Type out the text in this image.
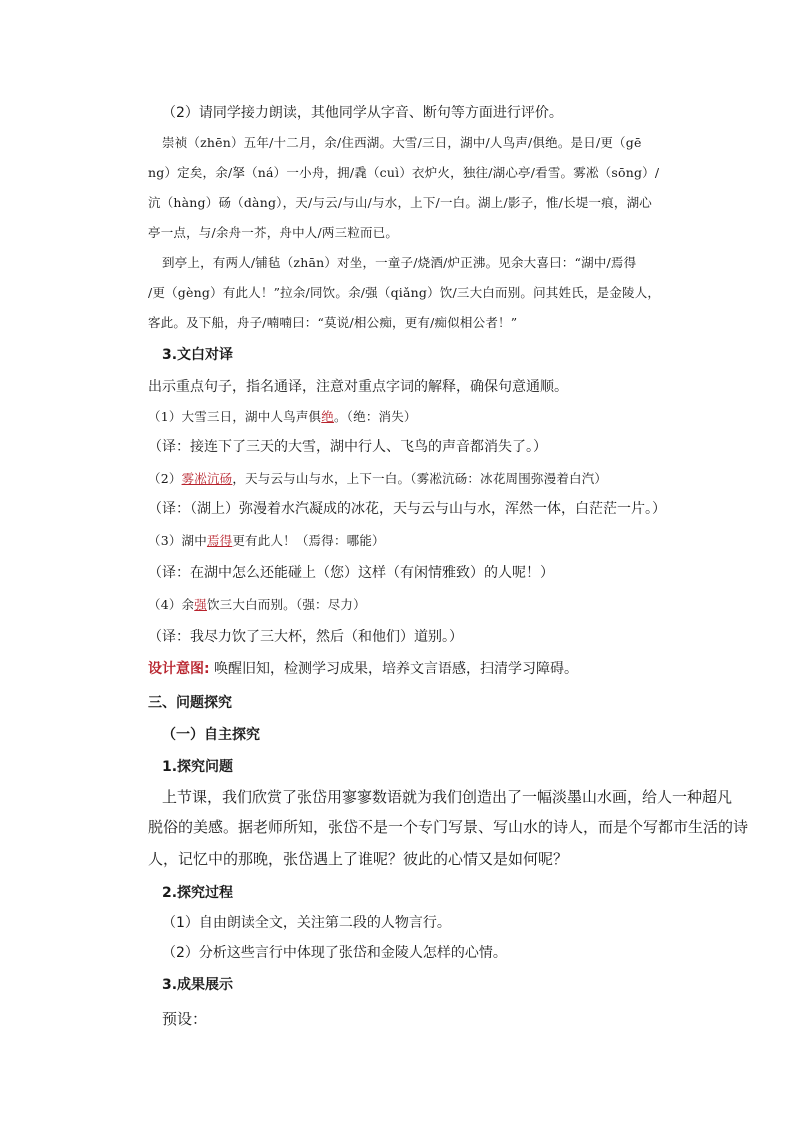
（2）请同学接力朗读，其他同学从字音、断句等方面进行评价。
崇祯（zhēn）五年/十二月，余/住西湖。大雪/三日，湖中/人鸟声/俱绝。是日/更（gē
ng）定矣，余/拏（ná）一小舟，拥/毳（cuì）衣炉火，独往/湖心亭/看雪。雾凇（sōng）/
沆（hàng）砀（dàng），天/与云/与山/与水，上下/一白。湖上/影子，惟/长堤一痕，湖心
亭一点，与/余舟一芥，舟中人/两三粒而已。
到亭上，有两人/铺毡（zhān）对坐，一童子/烧酒/炉正沸。见余大喜曰：“湖中/焉得
/更（gèng）有此人！”拉余/同饮。余/强（qiǎng）饮/三大白而别。问其姓氏，是金陵人，
客此。及下船，舟子/喃喃曰：“莫说/相公痴，更有/痴似相公者！”
3.文白对译
出示重点句子，指名通译，注意对重点字词的解释，确保句意通顺。
（1）大雪三日，湖中人鸟声俱绝。（绝：消失）
（译：接连下了三天的大雪，湖中行人、飞鸟的声音都消失了。）
（2）雾凇沆砀，天与云与山与水，上下一白。（雾凇沆砀：冰花周围弥漫着白汽）
（译：（湖上）弥漫着水汽凝成的冰花，天与云与山与水，浑然一体，白茫茫一片。）
（3）湖中焉得更有此人！（焉得：哪能）
（译：在湖中怎么还能碰上（您）这样（有闲情雅致）的人呢！）
（4）余强饮三大白而别。（强：尽力）
（译：我尽力饮了三大杯，然后（和他们）道别。）
设计意图: 唤醒旧知，检测学习成果，培养文言语感，扫清学习障碍。
三、问题探究
（一）自主探究
1.探究问题
上节课，我们欣赏了张岱用寥寥数语就为我们创造出了一幅淡墨山水画，给人一种超凡
脱俗的美感。据老师所知，张岱不是一个专门写景、写山水的诗人，而是个写都市生活的诗
人，记忆中的那晚，张岱遇上了谁呢？彼此的心情又是如何呢？
2.探究过程
（1）自由朗读全文，关注第二段的人物言行。
（2）分析这些言行中体现了张岱和金陵人怎样的心情。
3.成果展示
预设：
